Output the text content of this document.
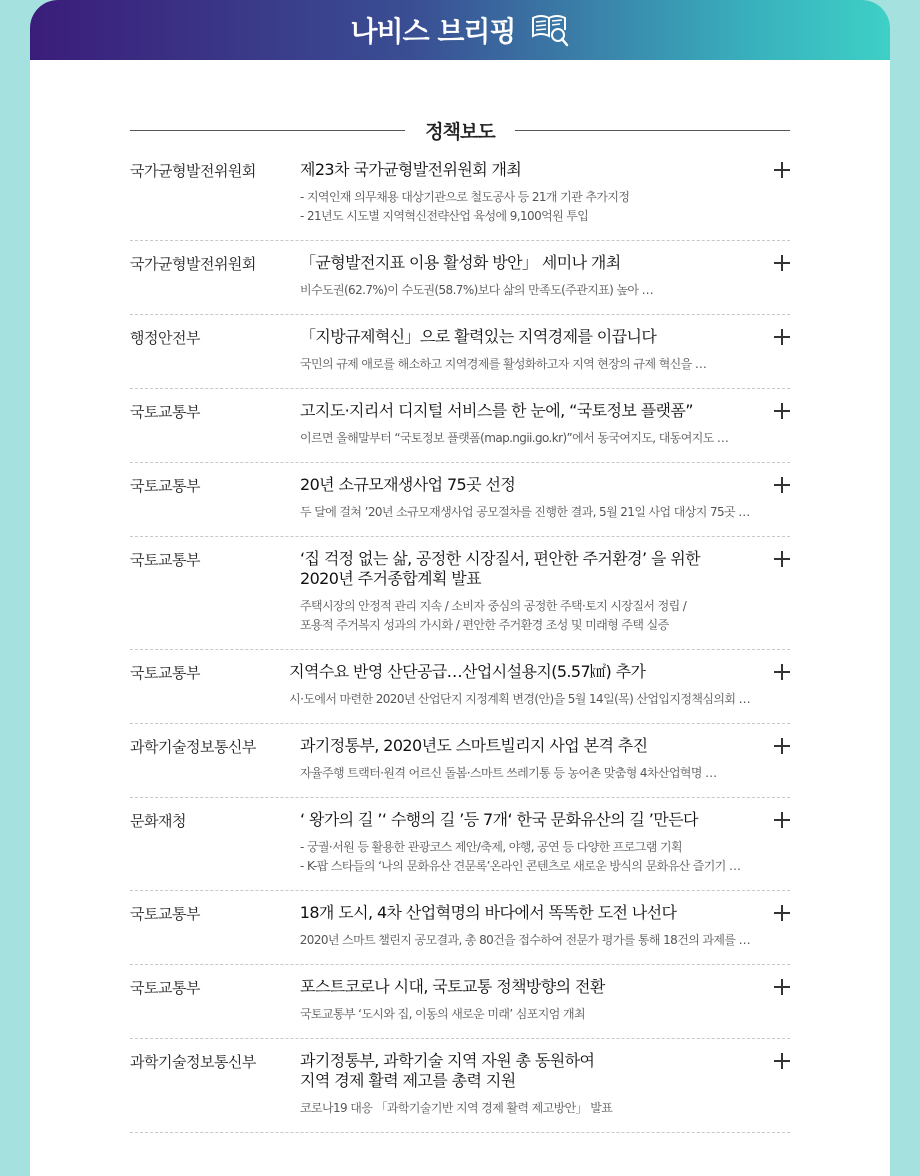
나비스 브리핑
정책보도
국가균형발전위원회	제23차 국가균형발전위원회 개최
- 지역인재 의무채용 대상기관으로 철도공사 등 21개 기관 추가지정
- 21년도 시도별 지역혁신전략산업 육성에 9,100억원 투입
국가균형발전위원회	「균형발전지표 이용 활성화 방안」 세미나 개최
비수도권(62.7%)이 수도권(58.7%)보다 삶의 만족도(주관지표) 높아 …
행정안전부	「지방규제혁신」으로 활력있는 지역경제를 이끕니다
국민의 규제 애로를 해소하고 지역경제를 활성화하고자 지역 현장의 규제 혁신을 …
국토교통부	고지도·지리서 디지털 서비스를 한 눈에, “국토정보 플랫폼”
이르면 올해말부터 “국토정보 플랫폼(map.ngii.go.kr)”에서 동국여지도, 대동여지도 …
국토교통부	20년 소규모재생사업 75곳 선정
두 달에 걸쳐 ’20년 소규모재생사업 공모절차를 진행한 결과, 5월 21일 사업 대상지 75곳 …
국토교통부	‘집 걱정 없는 삶, 공정한 시장질서, 편안한 주거환경’ 을 위한
2020년 주거종합계획 발표
주택시장의 안정적 관리 지속 / 소비자 중심의 공정한 주택·토지 시장질서 정립 /
포용적 주거복지 성과의 가시화 / 편안한 주거환경 조성 및 미래형 주택 실증
국토교통부	지역수요 반영 산단공급…산업시설용지(5.57㎢) 추가
시·도에서 마련한 2020년 산업단지 지정계획 변경(안)을 5월 14일(목) 산업입지정책심의회 …
과학기술정보통신부	과기정통부, 2020년도 스마트빌리지 사업 본격 추진
자율주행 트랙터·원격 어르신 돌봄·스마트 쓰레기통 등 농어촌 맞춤형 4차산업혁명 …
문화재청	‘ 왕가의 길 ’‘ 수행의 길 ’등 7개‘ 한국 문화유산의 길 ’만든다
- 궁궐·서원 등 활용한 관광코스 제안/축제, 야행, 공연 등 다양한 프로그램 기획
- K-팝 스타들의 ‘나의 문화유산 견문록’온라인 콘텐츠로 새로운 방식의 문화유산 즐기기 …
국토교통부	18개 도시, 4차 산업혁명의 바다에서 똑똑한 도전 나선다
2020년 스마트 챌린지 공모결과, 총 80건을 접수하여 전문가 평가를 통해 18건의 과제를 …
국토교통부	포스트코로나 시대, 국토교통 정책방향의 전환
국토교통부 ‘도시와 집, 이동의 새로운 미래’ 심포지엄 개최
과학기술정보통신부	과기정통부, 과학기술 지역 자원 총 동원하여
지역 경제 활력 제고를 총력 지원
코로나19 대응 「과학기술기반 지역 경제 활력 제고방안」 발표
